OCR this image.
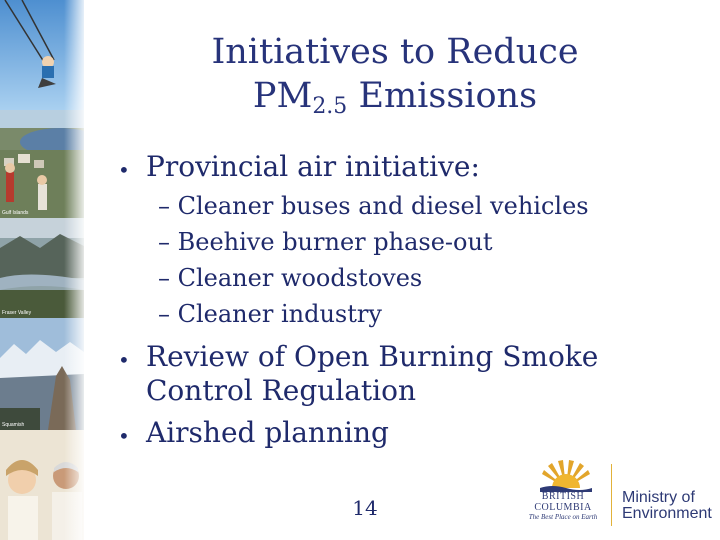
Gulf Islands
Fraser Valley
Squamish
Initiatives to Reduce
$PM_{2.5}$ Emissions
• Provincial air initiative:
– Cleaner buses and diesel vehicles
– Beehive burner phase-out
– Cleaner woodstoves
– Cleaner industry
• Review of Open Burning Smoke
Control Regulation
• Airshed planning
14	BRITISH
COLUMBIA
The Best Place on Earth
Ministry of
Environment
